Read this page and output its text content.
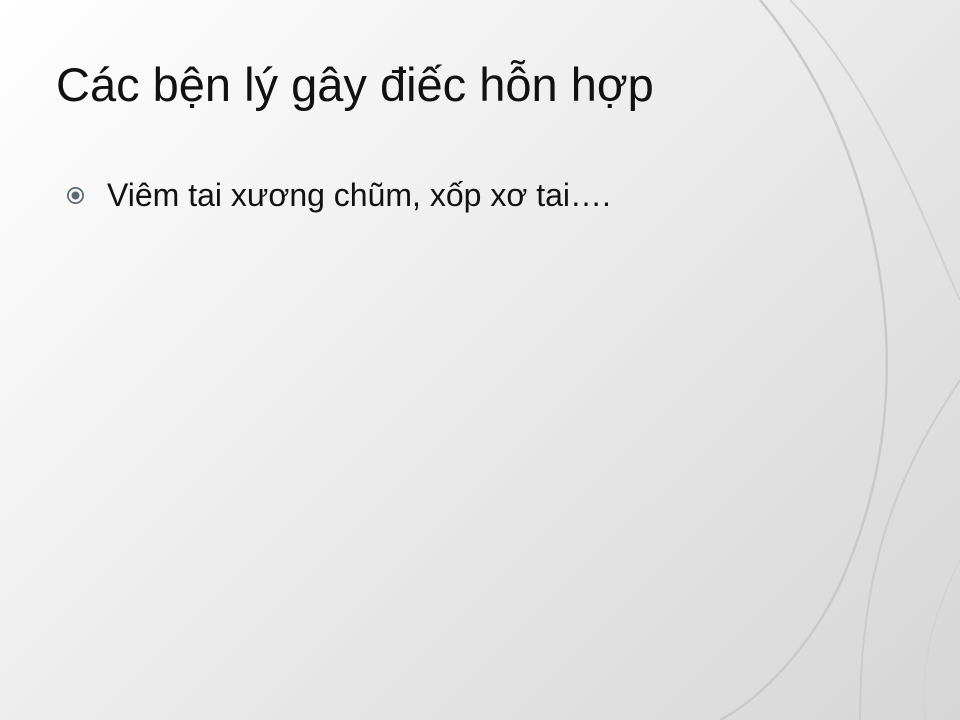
Các bện lý gây điếc hỗn hợp
Viêm tai xương chũm, xốp xơ tai….
